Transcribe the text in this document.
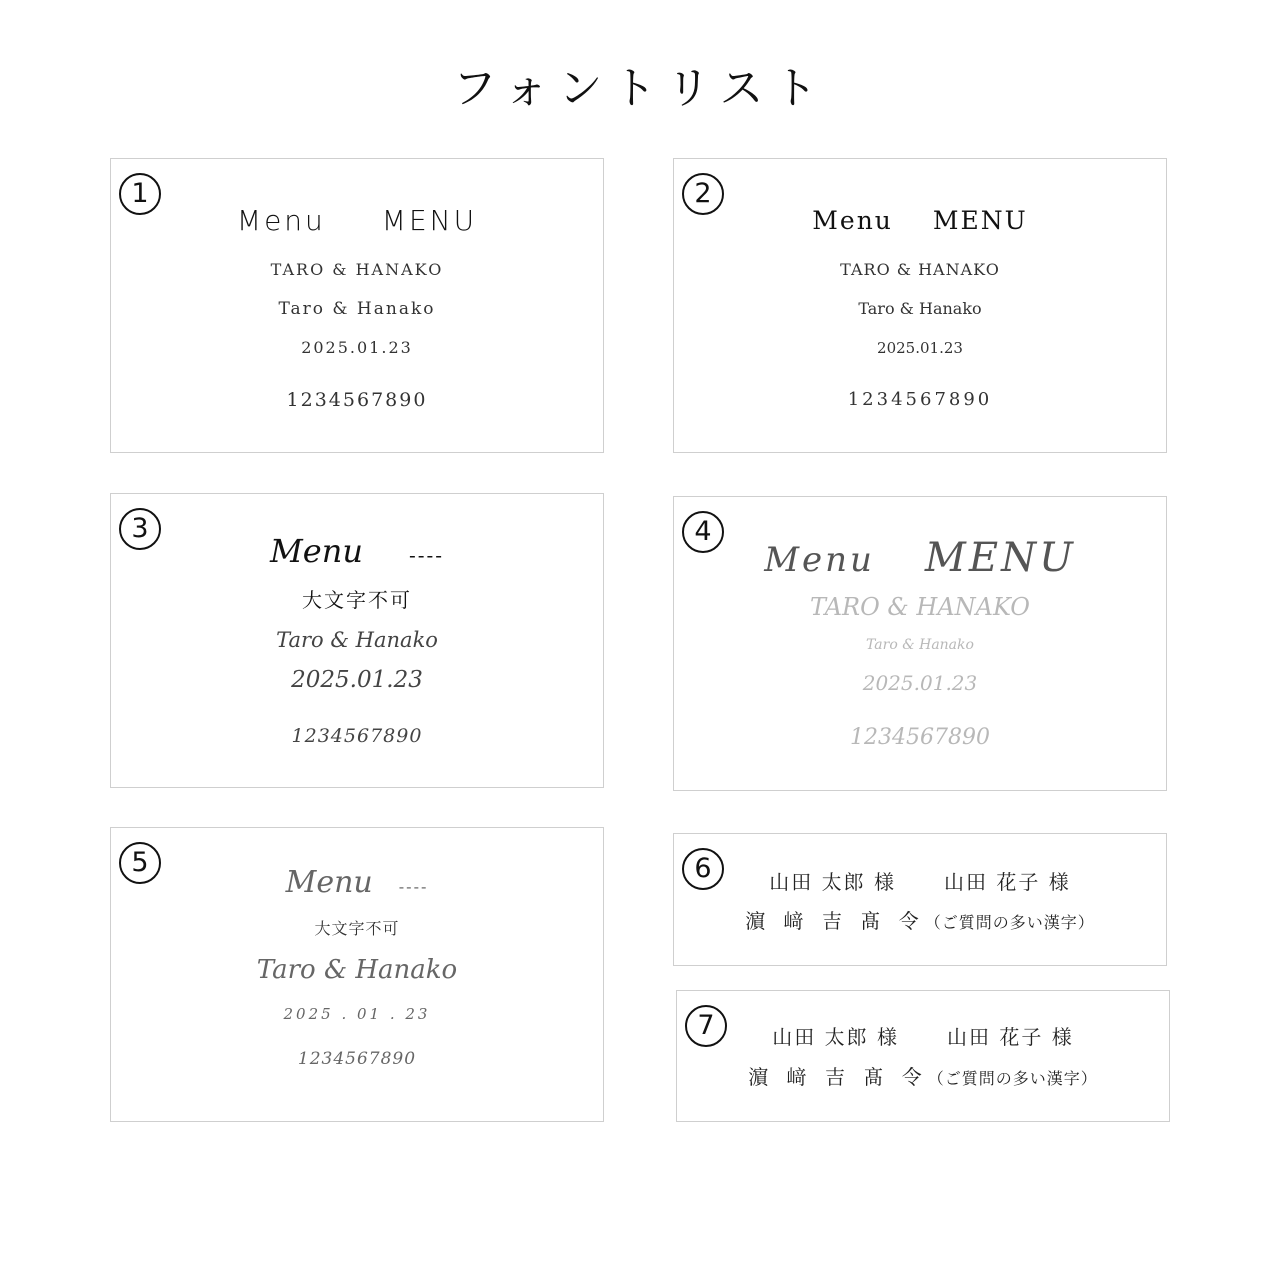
フォントリスト
1
Menu MENU
TARO & HANAKO
Taro & Hanako
2025.01.23
1234567890
2
Menu MENU
TARO & HANAKO
Taro & Hanako
2025.01.23
1234567890
3
Menu ----
大文字不可
Taro & Hanako
2025.01.23
1234567890
4
Menu MENU
TARO & HANAKO
Taro & Hanako
2025.01.23
1234567890
5
Menu ----
大文字不可
Taro & Hanako
2025 . 01 . 23
1234567890
6	山田 太郎 様 山田 花子 様
濵 﨑 吉 髙 令（ご質問の多い漢字）
7	山田 太郎 様 山田 花子 様
濵 﨑 吉 髙 令（ご質問の多い漢字）
